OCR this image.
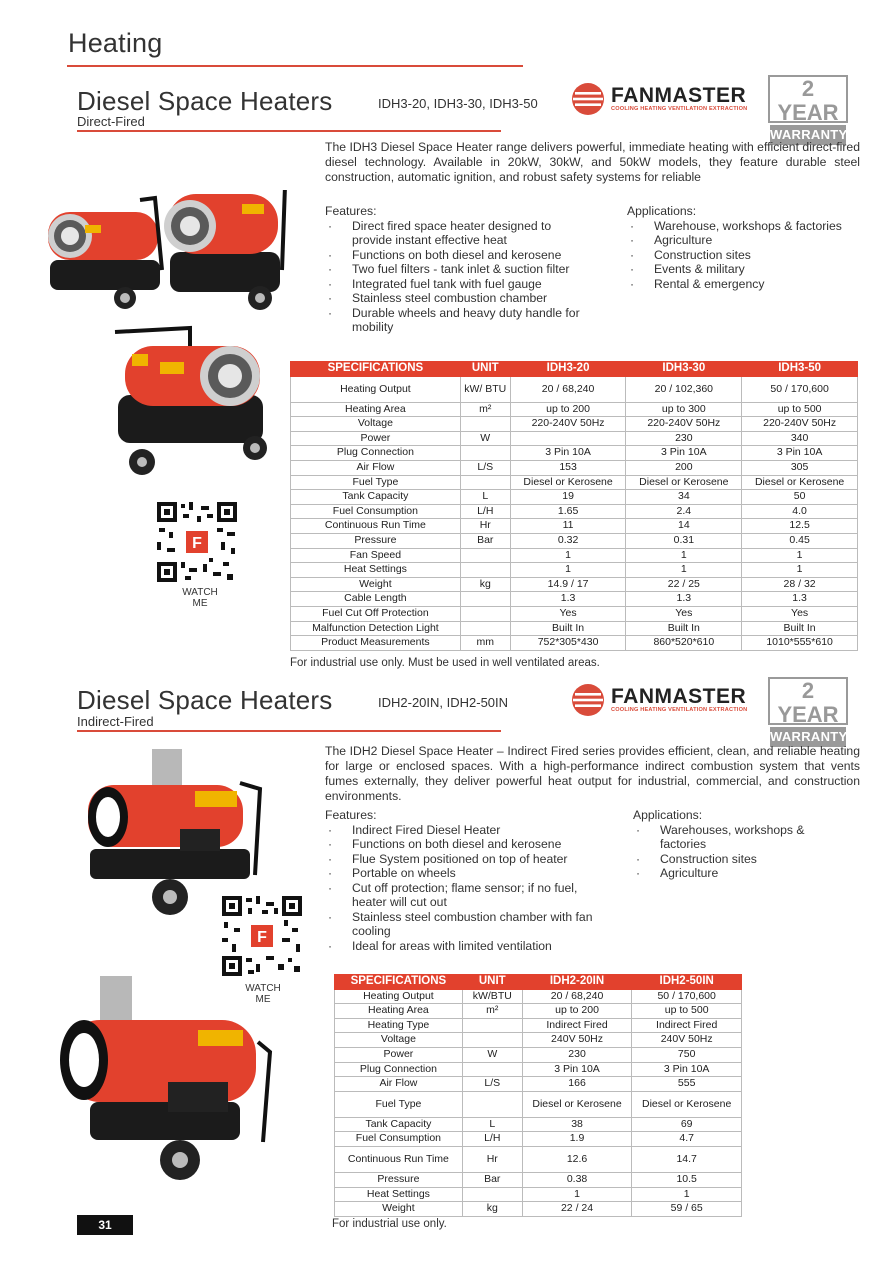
Heating
Diesel Space Heaters	IDH3-20, IDH3-30, IDH3-50
Direct-Fired
FANMASTER
COOLING HEATING VENTILATION EXTRACTION
2 YEAR
WARRANTY
The IDH3 Diesel Space Heater range delivers powerful, immediate heating with efficient direct-fired diesel technology. Available in 20kW, 30kW, and 50kW models, they feature durable steel construction, automatic ignition, and robust safety systems for reliable
Features:
· Direct fired space heater designed to provide instant effective heat
· Functions on both diesel and kerosene
· Two fuel filters - tank inlet & suction filter
· Integrated fuel tank with fuel gauge
· Stainless steel combustion chamber
· Durable wheels and heavy duty handle for mobility
Applications:
· Warehouse, workshops & factories
· Agriculture
· Construction sites
· Events & military
· Rental & emergency
F
WATCH
ME
SPECIFICATIONS	UNIT	IDH3-20	IDH3-30	IDH3-50
Heating Output	kW/ BTU	20 / 68,240	20 / 102,360	50 / 170,600
Heating Area	m²	up to 200	up to 300	up to 500
Voltage		220-240V 50Hz	220-240V 50Hz	220-240V 50Hz
Power	W		230	340
Plug Connection		3 Pin 10A	3 Pin 10A	3 Pin 10A
Air Flow	L/S	153	200	305
Fuel Type		Diesel or Kerosene	Diesel or Kerosene	Diesel or Kerosene
Tank Capacity	L	19	34	50
Fuel Consumption	L/H	1.65	2.4	4.0
Continuous Run Time	Hr	11	14	12.5
Pressure	Bar	0.32	0.31	0.45
Fan Speed		1	1	1
Heat Settings		1	1	1
Weight	kg	14.9 / 17	22 / 25	28 / 32
Cable Length		1.3	1.3	1.3
Fuel Cut Off Protection		Yes	Yes	Yes
Malfunction Detection Light		Built In	Built In	Built In
Product Measurements	mm	752*305*430	860*520*610	1010*555*610
For industrial use only. Must be used in well ventilated areas.
Diesel Space Heaters	IDH2-20IN, IDH2-50IN
Indirect-Fired
FANMASTER
COOLING HEATING VENTILATION EXTRACTION
2 YEAR
WARRANTY
The IDH2 Diesel Space Heater – Indirect Fired series provides efficient, clean, and reliable heating for large or enclosed spaces. With a high-performance indirect combustion system that vents fumes externally, they deliver powerful heat output for industrial, commercial, and construction environments.
Features:
· Indirect Fired Diesel Heater
· Functions on both diesel and kerosene
· Flue System positioned on top of heater
· Portable on wheels
· Cut off protection; flame sensor; if no fuel, heater will cut out
· Stainless steel combustion chamber with fan cooling
· Ideal for areas with limited ventilation
Applications:
· Warehouses, workshops & factories
· Construction sites
· Agriculture
F
WATCH
ME
SPECIFICATIONS	UNIT	IDH2-20IN	IDH2-50IN
Heating Output	kW/BTU	20 / 68,240	50 / 170,600
Heating Area	m²	up to 200	up to 500
Heating Type		Indirect Fired	Indirect Fired
Voltage		240V 50Hz	240V 50Hz
Power	W	230	750
Plug Connection		3 Pin 10A	3 Pin 10A
Air Flow	L/S	166	555
Fuel Type		Diesel or Kerosene	Diesel or Kerosene
Tank Capacity	L	38	69
Fuel Consumption	L/H	1.9	4.7
Continuous Run Time	Hr	12.6	14.7
Pressure	Bar	0.38	10.5
Heat Settings		1	1
Weight	kg	22 / 24	59 / 65
For industrial use only.
31
